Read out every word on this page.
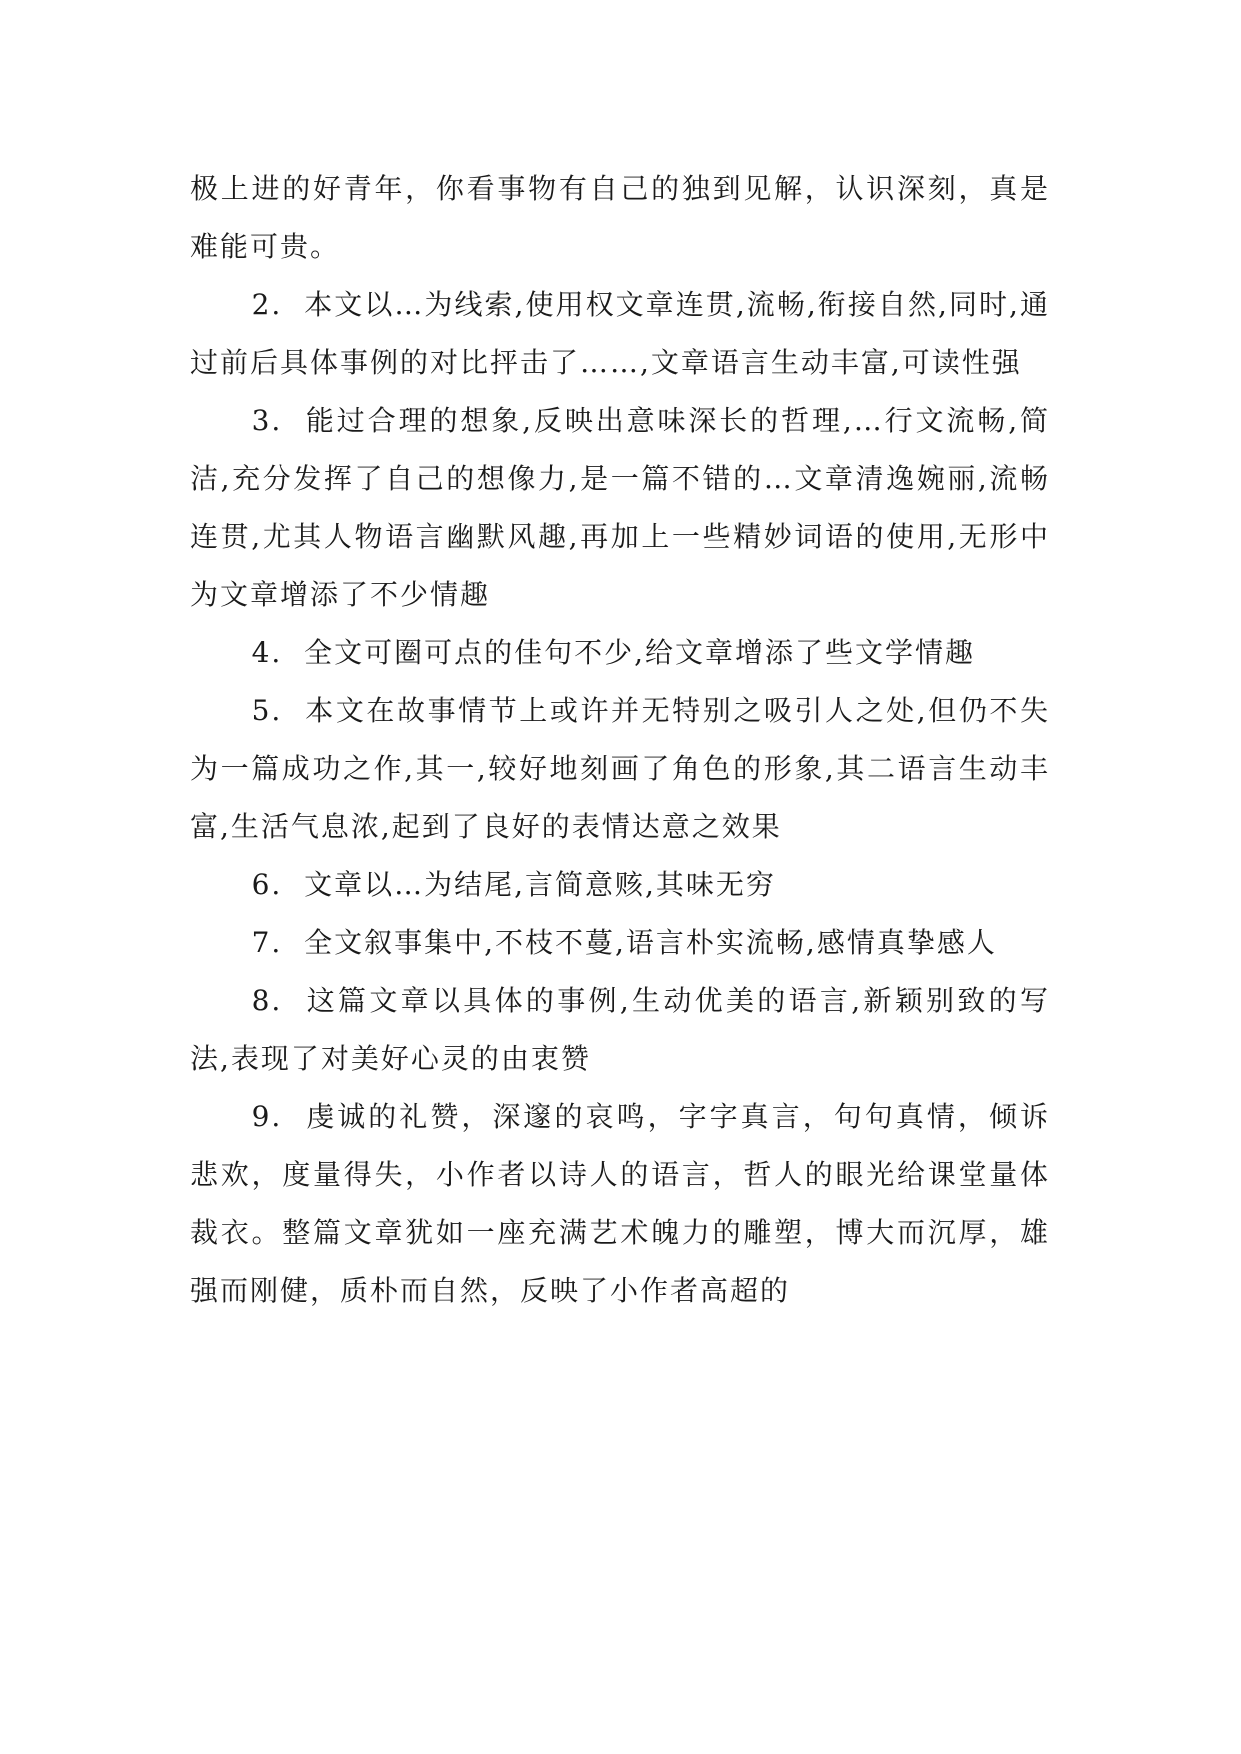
极上进的好青年，你看事物有自己的独到见解，认识深刻，真是难能可贵。

2. 本文以…为线索,使用权文章连贯,流畅,衔接自然,同时,通过前后具体事例的对比抨击了……,文章语言生动丰富,可读性强

3. 能过合理的想象,反映出意味深长的哲理,…行文流畅,简洁,充分发挥了自己的想像力,是一篇不错的…文章清逸婉丽,流畅连贯,尤其人物语言幽默风趣,再加上一些精妙词语的使用,无形中为文章增添了不少情趣

4. 全文可圈可点的佳句不少,给文章增添了些文学情趣

5. 本文在故事情节上或许并无特别之吸引人之处,但仍不失为一篇成功之作,其一,较好地刻画了角色的形象,其二语言生动丰富,生活气息浓,起到了良好的表情达意之效果

6. 文章以…为结尾,言简意赅,其味无穷

7. 全文叙事集中,不枝不蔓,语言朴实流畅,感情真挚感人

8. 这篇文章以具体的事例,生动优美的语言,新颖别致的写法,表现了对美好心灵的由衷赞

9. 虔诚的礼赞，深邃的哀鸣，字字真言，句句真情，倾诉悲欢，度量得失，小作者以诗人的语言，哲人的眼光给课堂量体裁衣。整篇文章犹如一座充满艺术魄力的雕塑，博大而沉厚，雄强而刚健，质朴而自然，反映了小作者高超的
